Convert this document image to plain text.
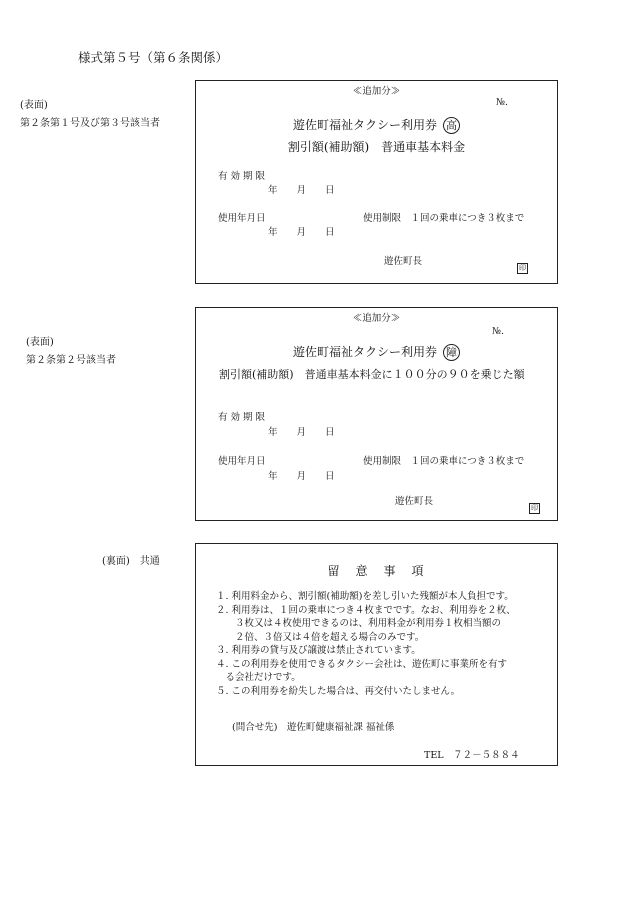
様式第５号（第６条関係）
(表面)
第２条第１号及び第３号該当者
≪追加分≫
№.
遊佐町福祉タクシー利用券 高
割引額(補助額)　普通車基本料金
有 効 期 限
年　　月　　日
使用年月日	使用制限　１回の乗車につき３枚まで
年　　月　　日
遊佐町長
印
(表面)
第２条第２号該当者
≪追加分≫
№.
遊佐町福祉タクシー利用券 障
割引額(補助額)　普通車基本料金に１００分の９０を乗じた額
有 効 期 限
年　　月　　日
使用年月日	使用制限　１回の乗車につき３枚まで
年　　月　　日
遊佐町長
印
(裏面)　共通
留　意　事　項
１. 利用料金から、割引額(補助額)を差し引いた残額が本人負担です。
２. 利用券は、１回の乗車につき４枚までです。なお、利用券を２枚、
　　３枚又は４枚使用できるのは、利用料金が利用券１枚相当額の
　　２倍、３倍又は４倍を超える場合のみです。
３. 利用券の貸与及び譲渡は禁止されています。
４. この利用券を使用できるタクシー会社は、遊佐町に事業所を有す
　る会社だけです。
５. この利用券を紛失した場合は、再交付いたしません。
(問合せ先)　遊佐町健康福祉課 福祉係
TEL　７２－５８８４
